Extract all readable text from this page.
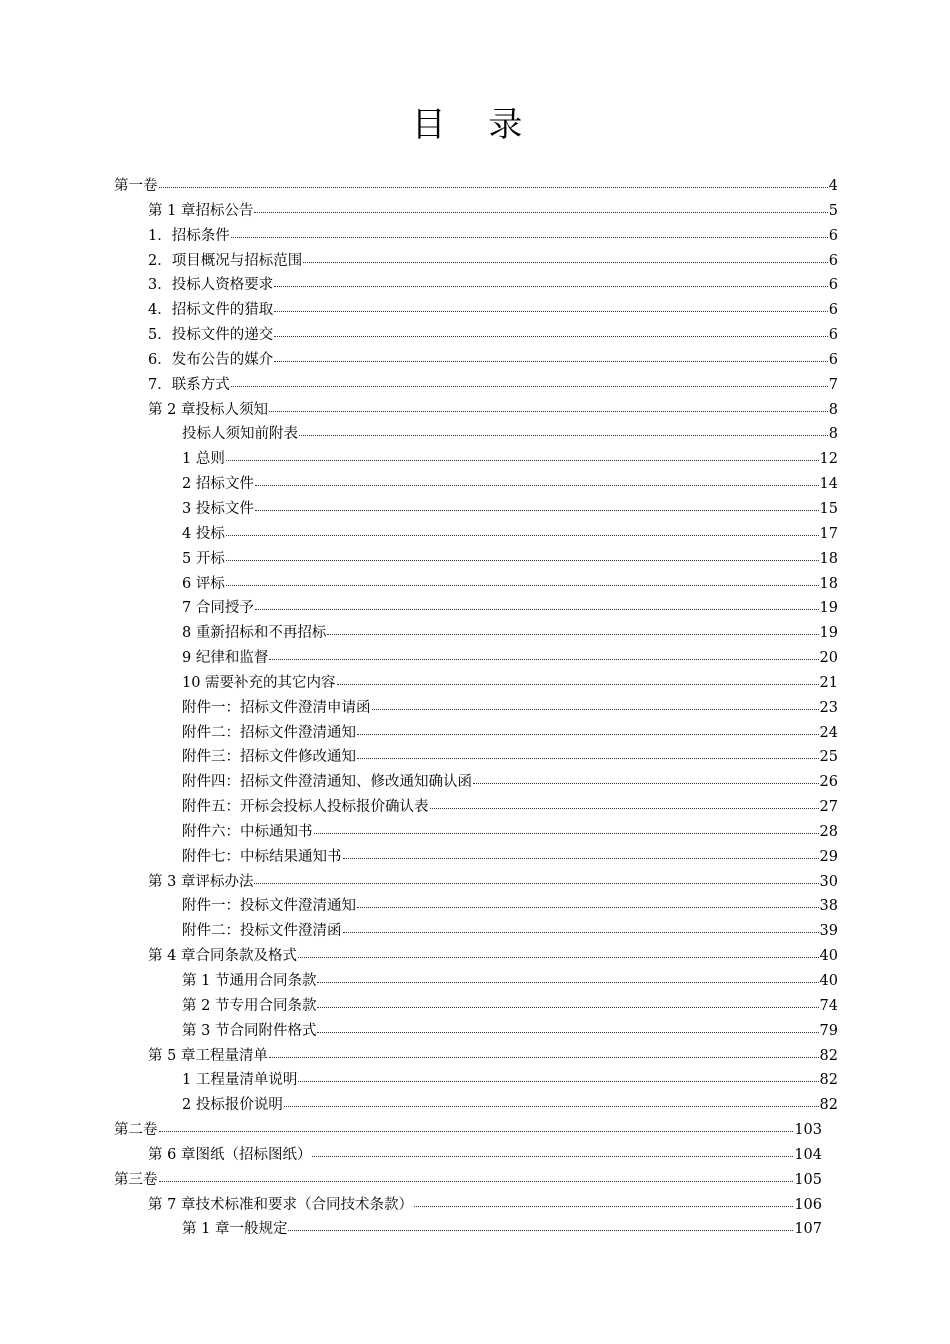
目 录
第一卷	4
第 1 章招标公告	5
1．招标条件	6
2．项目概况与招标范围	6
3．投标人资格要求	6
4．招标文件的猎取	6
5．投标文件的递交	6
6．发布公告的媒介	6
7．联系方式	7
第 2 章投标人须知	8
投标人须知前附表	8
1 总则	12
2 招标文件	14
3 投标文件	15
4 投标	17
5 开标	18
6 评标	18
7 合同授予	19
8 重新招标和不再招标	19
9 纪律和监督	20
10 需要补充的其它内容	21
附件一：招标文件澄清申请函	23
附件二：招标文件澄清通知	24
附件三：招标文件修改通知	25
附件四：招标文件澄清通知、修改通知确认函	26
附件五：开标会投标人投标报价确认表	27
附件六：中标通知书	28
附件七：中标结果通知书	29
第 3 章评标办法	30
附件一：投标文件澄清通知	38
附件二：投标文件澄清函	39
第 4 章合同条款及格式	40
第 1 节通用合同条款	40
第 2 节专用合同条款	74
第 3 节合同附件格式	79
第 5 章工程量清单	82
1 工程量清单说明	82
2 投标报价说明	82
第二卷	103
第 6 章图纸（招标图纸）	104
第三卷	105
第 7 章技术标准和要求（合同技术条款）	106
第 1 章一般规定	107
